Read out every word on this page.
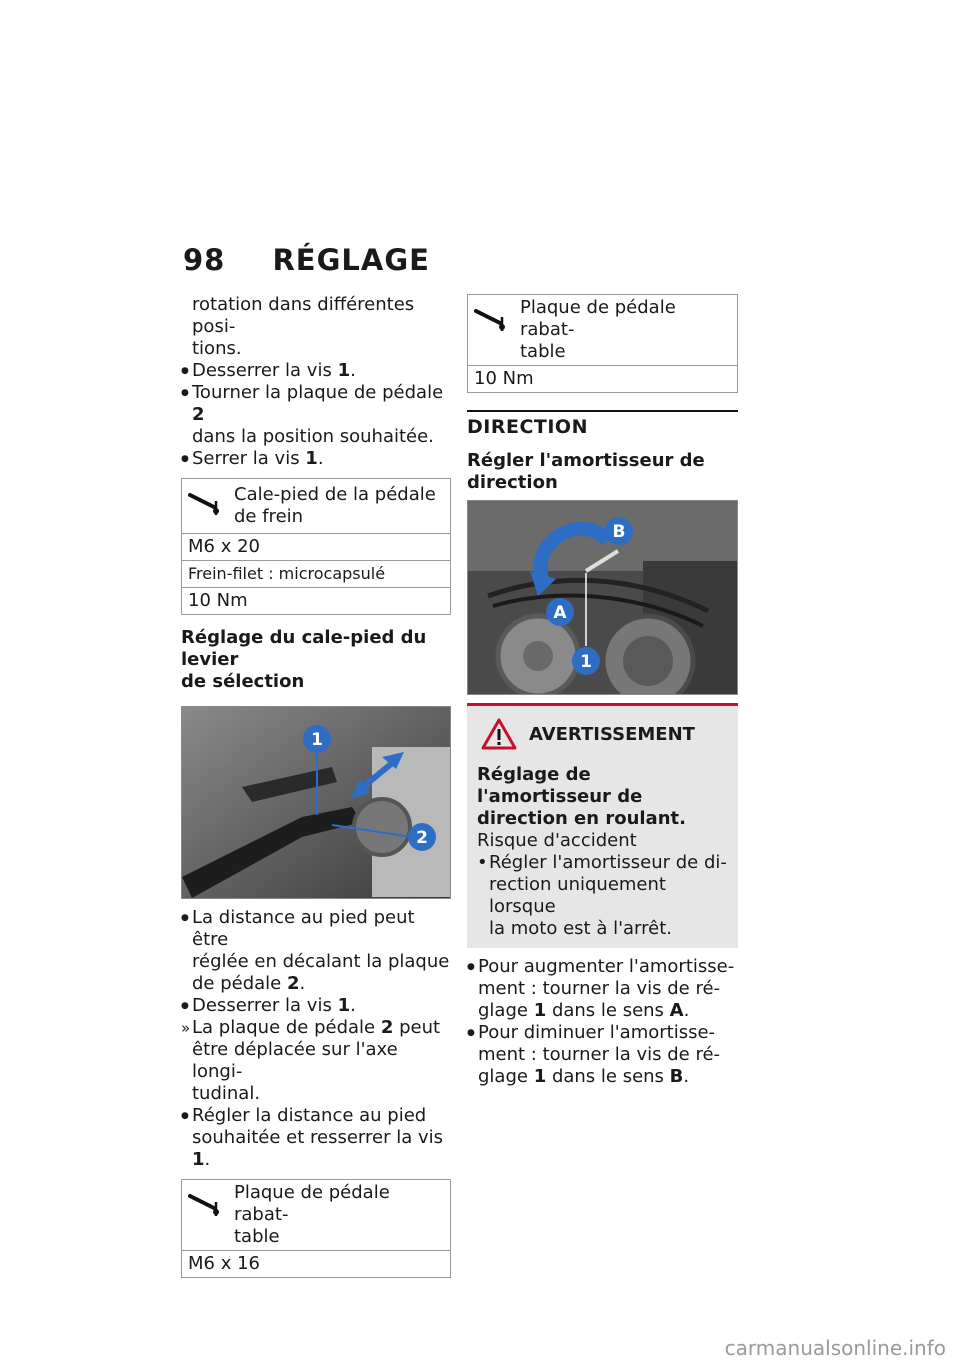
98 RÉGLAGE

rotation dans différentes posi-
tions.

● Desserrer la vis 1.

● Tourner la plaque de pédale 2
dans la position souhaitée.

● Serrer la vis 1.

Cale-pied de la pédale
de frein

M6 x 20
Frein-filet : microcapsulé
10 Nm
Réglage du cale-pied du levier
de sélection
1
2

● La distance au pied peut être
réglée en décalant la plaque
de pédale 2.

● Desserrer la vis 1.

» La plaque de pédale 2 peut
être déplacée sur l'axe longi-
tudinal.

● Régler la distance au pied
souhaitée et resserrer la vis 1.

Plaque de pédale rabat-
table

M6 x 16
Plaque de pédale rabat-
table

10 Nm
DIRECTION
Régler l'amortisseur de
direction
B
A
1
AVERTISSEMENT
Réglage de l'amortisseur de
direction en roulant.

Risque d'accident

• Régler l'amortisseur de di-
rection uniquement lorsque
la moto est à l'arrêt.

● Pour augmenter l'amortisse-
ment : tourner la vis de ré-
glage 1 dans le sens A.

● Pour diminuer l'amortisse-
ment : tourner la vis de ré-
glage 1 dans le sens B.

carmanualsonline.info
